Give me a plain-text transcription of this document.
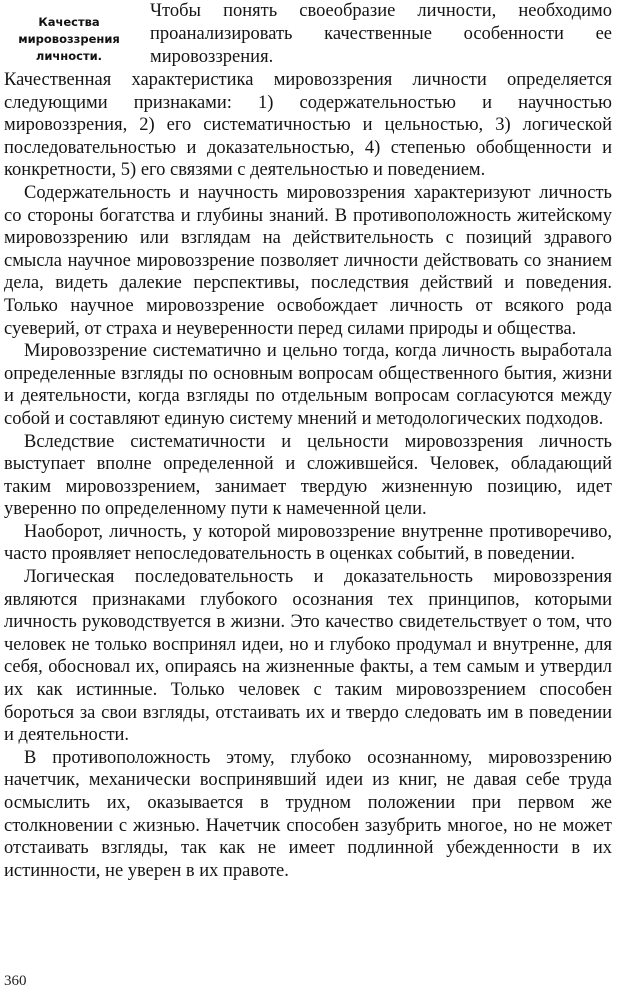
Качества
мировоззрения
личности.
Чтобы понять своеобразие личности, необходимо проанализировать качественные особенности ее мировоззрения.

Качественная характеристика мировоззрения личности определяется следующими признаками: 1) содержательностью и научностью мировоззрения, 2) его систематичностью и цельностью, 3) логической последовательностью и доказательностью, 4) степенью обобщенности и конкретности, 5) его связями с деятельностью и поведением.

Содержательность и научность мировоззрения характеризуют личность со стороны богатства и глубины знаний. В противоположность житейскому мировоззрению или взглядам на действительность с позиций здравого смысла научное мировоззрение позволяет личности действовать со знанием дела, видеть далекие перспективы, последствия действий и поведения. Только научное мировоззрение освобождает личность от всякого рода суеверий, от страха и неуверенности перед силами природы и общества.

Мировоззрение систематично и цельно тогда, когда личность выработала определенные взгляды по основным вопросам общественного бытия, жизни и деятельности, когда взгляды по отдельным вопросам согласуются между собой и составляют единую систему мнений и методологических подходов.

Вследствие систематичности и цельности мировоззрения личность выступает вполне определенной и сложившейся. Человек, обладающий таким мировоззрением, занимает твердую жизненную позицию, идет уверенно по определенному пути к намеченной цели.

Наоборот, личность, у которой мировоззрение внутренне противоречиво, часто проявляет непоследовательность в оценках событий, в поведении.

Логическая последовательность и доказательность мировоззрения являются признаками глубокого осознания тех принципов, которыми личность руководствуется в жизни. Это качество свидетельствует о том, что человек не только воспринял идеи, но и глубоко продумал и внутренне, для себя, обосновал их, опираясь на жизненные факты, а тем самым и утвердил их как истинные. Только человек с таким мировоззрением способен бороться за свои взгляды, отстаивать их и твердо следовать им в поведении и деятельности.

В противоположность этому, глубоко осознанному, мировоззрению начетчик, механически воспринявший идеи из книг, не давая себе труда осмыслить их, оказывается в трудном положении при первом же столкновении с жизнью. Начетчик способен зазубрить многое, но не может отстаивать взгляды, так как не имеет подлинной убежденности в их истинности, не уверен в их правоте.

360
